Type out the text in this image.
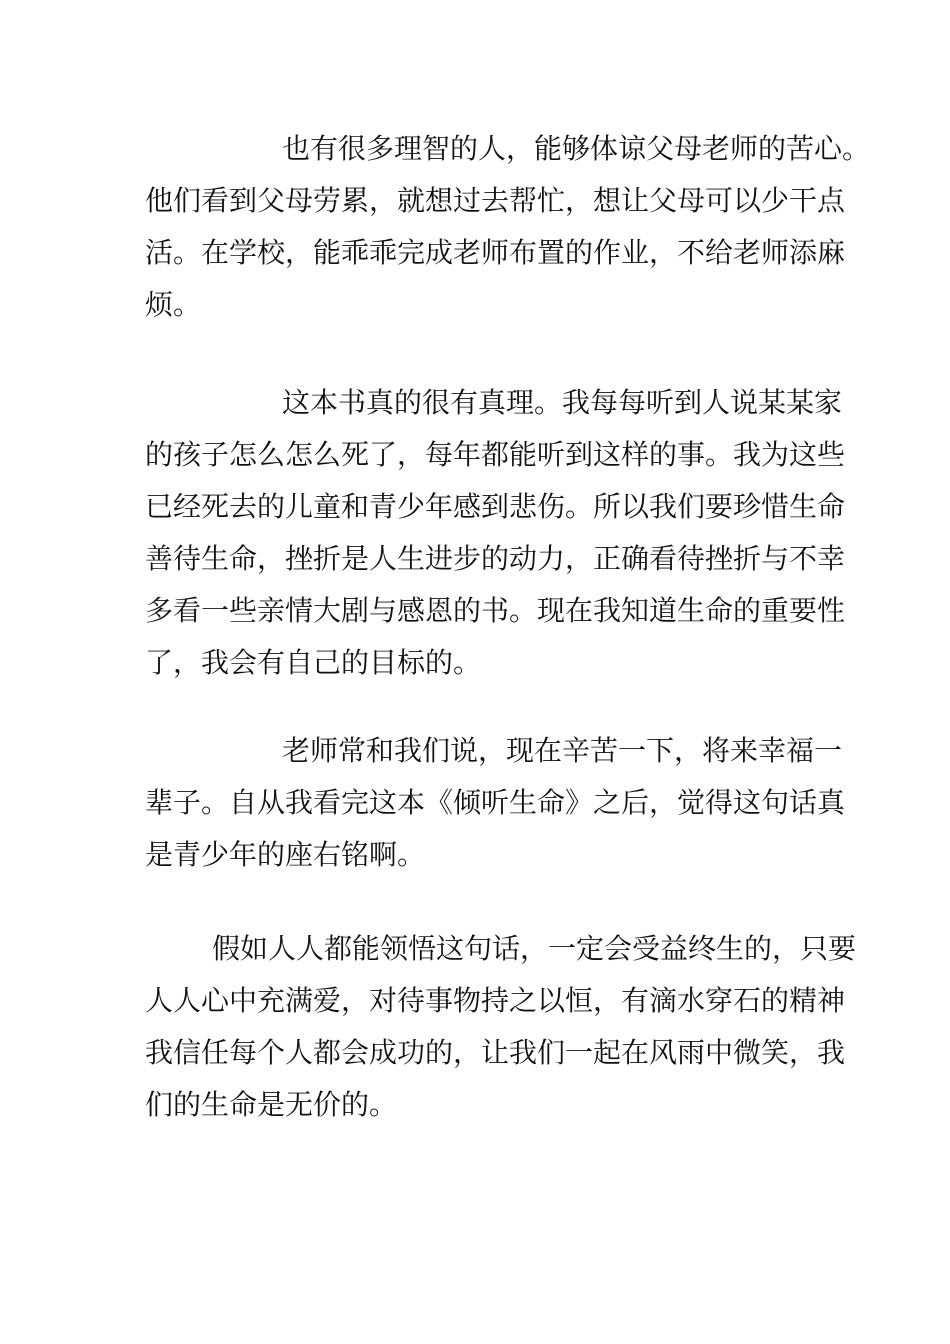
也有很多理智的人，能够体谅父母老师的苦心。
他们看到父母劳累，就想过去帮忙，想让父母可以少干点
活。在学校，能乖乖完成老师布置的作业，不给老师添麻
烦。
这本书真的很有真理。我每每听到人说某某家
的孩子怎么怎么死了，每年都能听到这样的事。我为这些
已经死去的儿童和青少年感到悲伤。所以我们要珍惜生命
善待生命，挫折是人生进步的动力，正确看待挫折与不幸
多看一些亲情大剧与感恩的书。现在我知道生命的重要性
了，我会有自己的目标的。
老师常和我们说，现在辛苦一下，将来幸福一
辈子。自从我看完这本《倾听生命》之后，觉得这句话真
是青少年的座右铭啊。
假如人人都能领悟这句话，一定会受益终生的，只要
人人心中充满爱，对待事物持之以恒，有滴水穿石的精神
我信任每个人都会成功的，让我们一起在风雨中微笑，我
们的生命是无价的。
